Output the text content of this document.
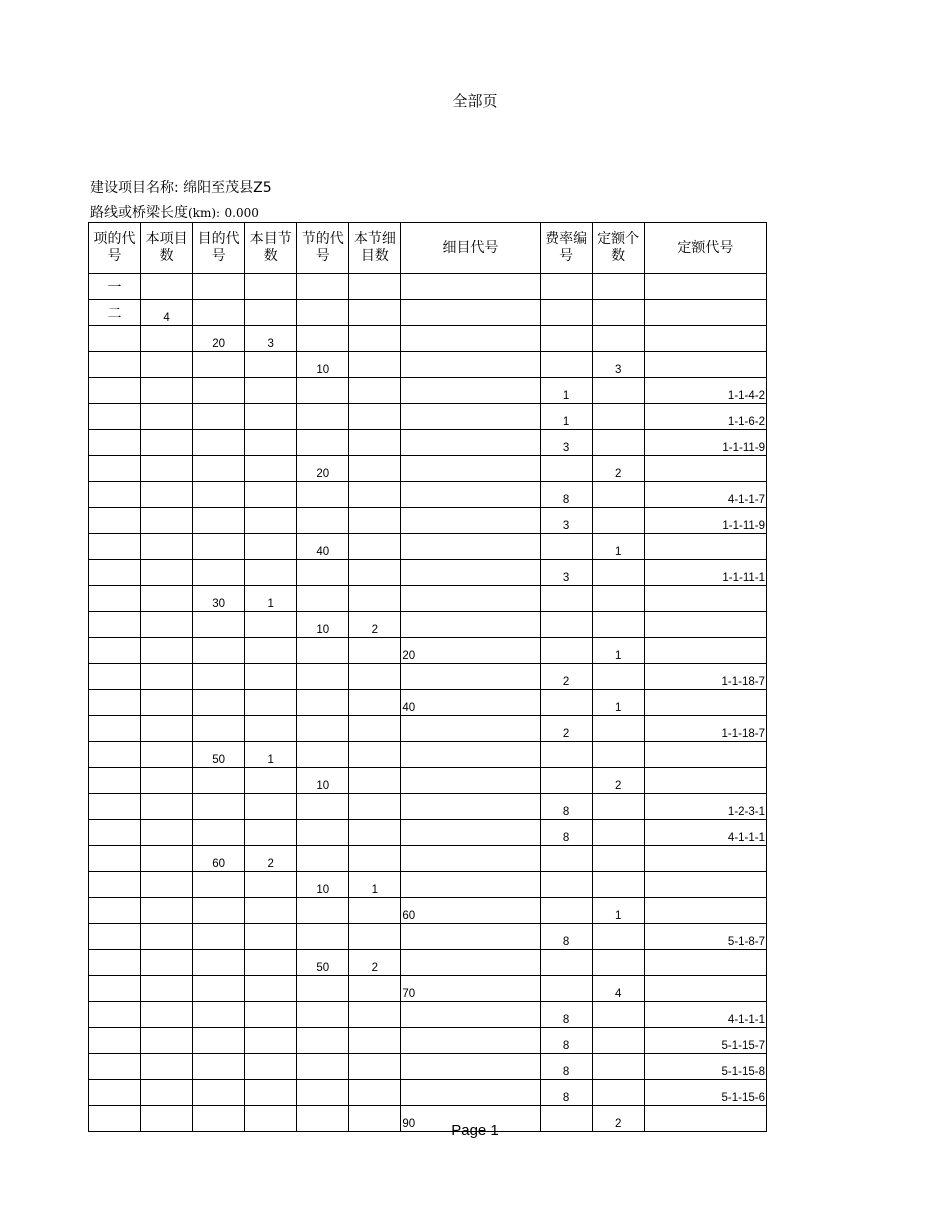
全部页
建设项目名称: 绵阳至茂县Z5
路线或桥梁长度(km): 0.000
项的代号	本项目数	目的代号	本目节数	节的代号	本节细目数	细目代号	费率编号	定额个数	定额代号
一									
二	4								
		20	3						
				10				3	
							1		1-1-4-2
							1		1-1-6-2
							3		1-1-11-9
				20				2	
							8		4-1-1-7
							3		1-1-11-9
				40				1	
							3		1-1-11-1
		30	1						
				10	2				
						20		1	
							2		1-1-18-7
						40		1	
							2		1-1-18-7
		50	1						
				10				2	
							8		1-2-3-1
							8		4-1-1-1
		60	2						
				10	1				
						60		1	
							8		5-1-8-7
				50	2				
						70		4	
							8		4-1-1-1
							8		5-1-15-7
							8		5-1-15-8
							8		5-1-15-6
						90		2	
Page 1
